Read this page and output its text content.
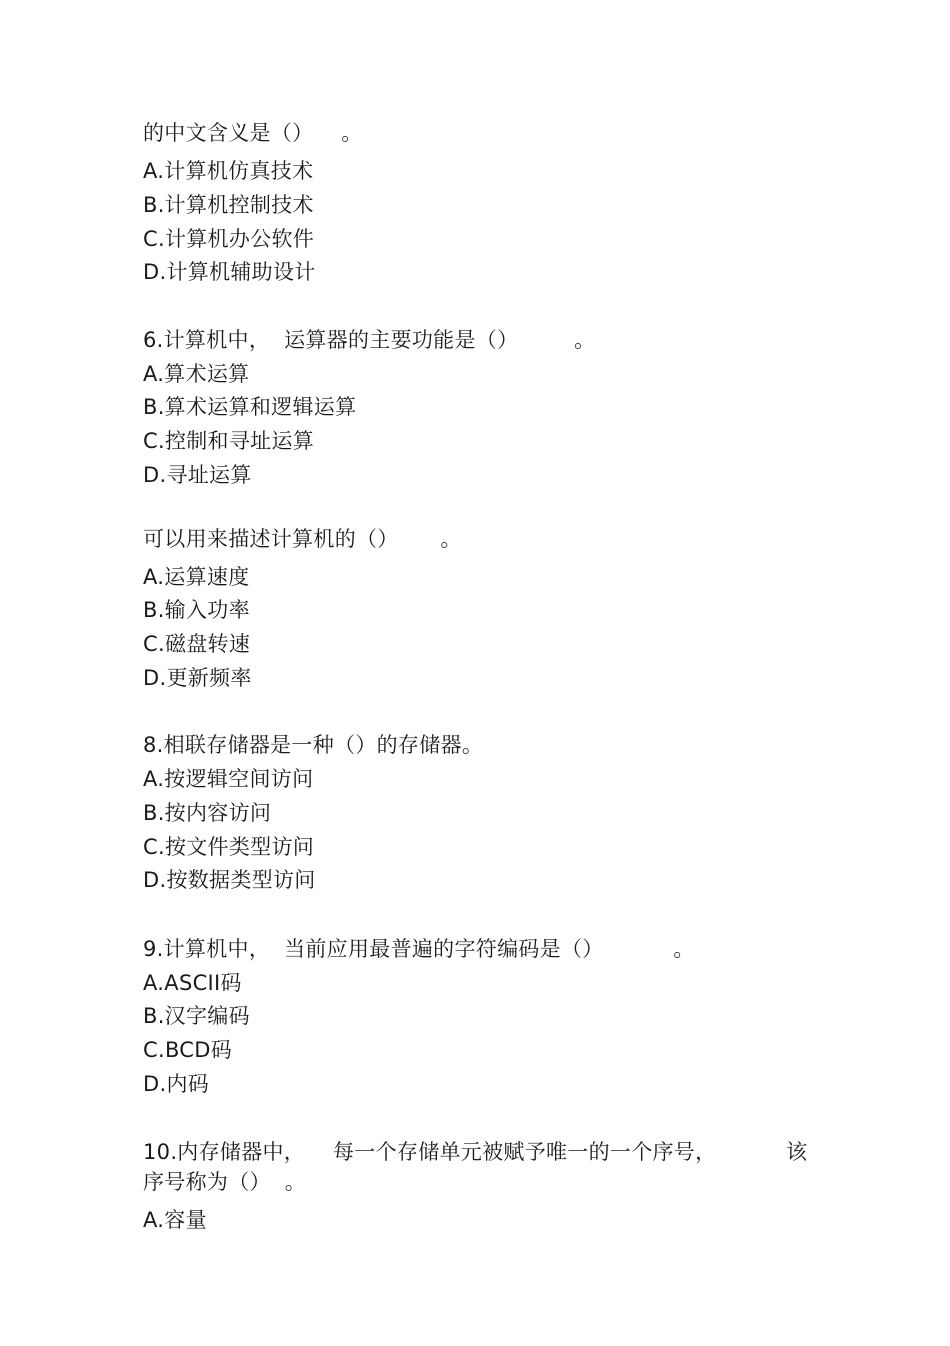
的中文含义是（）    。
A.计算机仿真技术
B.计算机控制技术
C.计算机办公软件
D.计算机辅助设计
6.计算机中，  运算器的主要功能是（）        。
A.算术运算
B.算术运算和逻辑运算
C.控制和寻址运算
D.寻址运算
可以用来描述计算机的（）      。
A.运算速度
B.输入功率
C.磁盘转速
D.更新频率
8.相联存储器是一种（）的存储器。
A.按逻辑空间访问
B.按内容访问
C.按文件类型访问
D.按数据类型访问
9.计算机中，  当前应用最普遍的字符编码是（）          。
A.ASCII码
B.汉字编码
C.BCD码
D.内码
10.内存储器中，    每一个存储单元被赋予唯一的一个序号，          该
序号称为（）  。
A.容量
